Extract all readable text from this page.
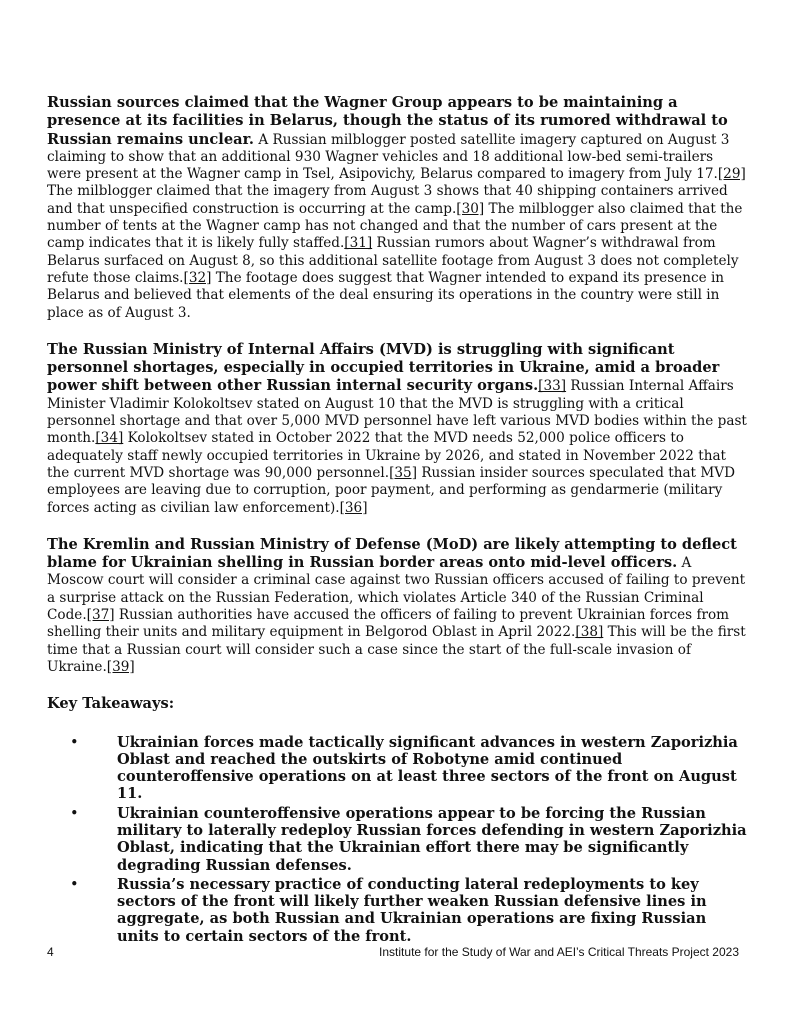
Russian sources claimed that the Wagner Group appears to be maintaining a presence at its facilities in Belarus, though the status of its rumored withdrawal to Russian remains unclear. A Russian milblogger posted satellite imagery captured on August 3 claiming to show that an additional 930 Wagner vehicles and 18 additional low-bed semi-trailers were present at the Wagner camp in Tsel, Asipovichy, Belarus compared to imagery from July 17.[29] The milblogger claimed that the imagery from August 3 shows that 40 shipping containers arrived and that unspecified construction is occurring at the camp.[30] The milblogger also claimed that the number of tents at the Wagner camp has not changed and that the number of cars present at the camp indicates that it is likely fully staffed.[31] Russian rumors about Wagner’s withdrawal from Belarus surfaced on August 8, so this additional satellite footage from August 3 does not completely refute those claims.[32] The footage does suggest that Wagner intended to expand its presence in Belarus and believed that elements of the deal ensuring its operations in the country were still in place as of August 3.

The Russian Ministry of Internal Affairs (MVD) is struggling with significant personnel shortages, especially in occupied territories in Ukraine, amid a broader power shift between other Russian internal security organs.[33] Russian Internal Affairs Minister Vladimir Kolokoltsev stated on August 10 that the MVD is struggling with a critical personnel shortage and that over 5,000 MVD personnel have left various MVD bodies within the past month.[34] Kolokoltsev stated in October 2022 that the MVD needs 52,000 police officers to adequately staff newly occupied territories in Ukraine by 2026, and stated in November 2022 that the current MVD shortage was 90,000 personnel.[35] Russian insider sources speculated that MVD employees are leaving due to corruption, poor payment, and performing as gendarmerie (military forces acting as civilian law enforcement).[36]

The Kremlin and Russian Ministry of Defense (MoD) are likely attempting to deflect blame for Ukrainian shelling in Russian border areas onto mid-level officers. A Moscow court will consider a criminal case against two Russian officers accused of failing to prevent a surprise attack on the Russian Federation, which violates Article 340 of the Russian Criminal Code.[37] Russian authorities have accused the officers of failing to prevent Ukrainian forces from shelling their units and military equipment in Belgorod Oblast in April 2022.[38] This will be the first time that a Russian court will consider such a case since the start of the full-scale invasion of Ukraine.[39]

Key Takeaways:
•	Ukrainian forces made tactically significant advances in western Zaporizhia Oblast and reached the outskirts of Robotyne amid continued counteroffensive operations on at least three sectors of the front on August 11.
•	Ukrainian counteroffensive operations appear to be forcing the Russian military to laterally redeploy Russian forces defending in western Zaporizhia Oblast, indicating that the Ukrainian effort there may be significantly degrading Russian defenses.
•	Russia’s necessary practice of conducting lateral redeployments to key sectors of the front will likely further weaken Russian defensive lines in aggregate, as both Russian and Ukrainian operations are fixing Russian units to certain sectors of the front.
4	Institute for the Study of War and AEI’s Critical Threats Project 2023
